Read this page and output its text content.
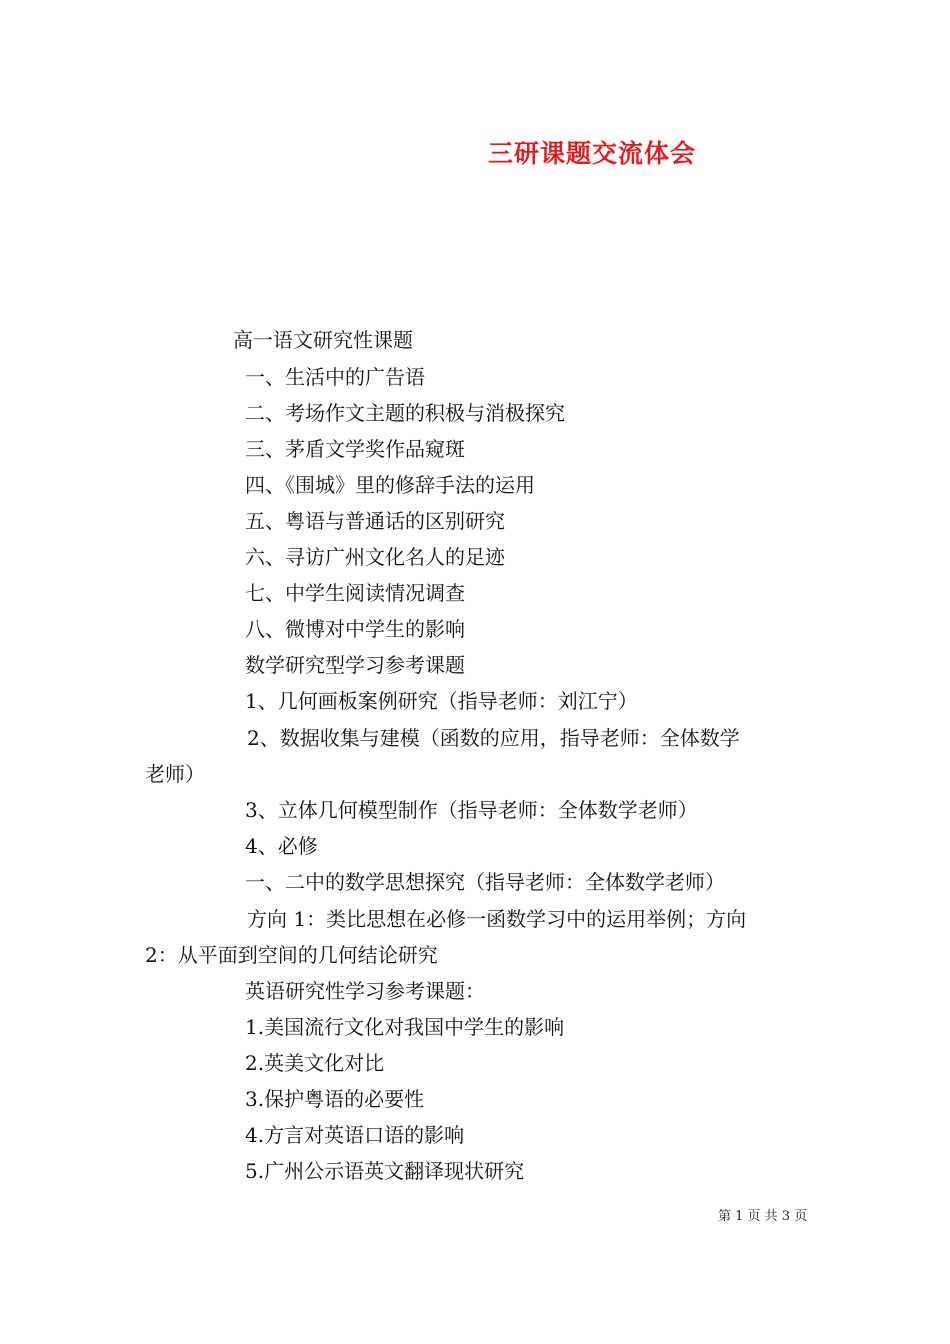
三研课题交流体会
高一语文研究性课题
一、生活中的广告语
二、考场作文主题的积极与消极探究
三、茅盾文学奖作品窥斑
四、《围城》里的修辞手法的运用
五、粤语与普通话的区别研究
六、寻访广州文化名人的足迹
七、中学生阅读情况调查
八、微博对中学生的影响
数学研究型学习参考课题
1、几何画板案例研究（指导老师：刘江宁）
2、数据收集与建模（函数的应用，指导老师：全体数学
老师）
3、立体几何模型制作（指导老师：全体数学老师）
4、必修
一、二中的数学思想探究（指导老师：全体数学老师）
方向 1：类比思想在必修一函数学习中的运用举例；方向
2：从平面到空间的几何结论研究
英语研究性学习参考课题：
1.美国流行文化对我国中学生的影响
2.英美文化对比
3.保护粤语的必要性
4.方言对英语口语的影响
5.广州公示语英文翻译现状研究
第 1 页 共 3 页
